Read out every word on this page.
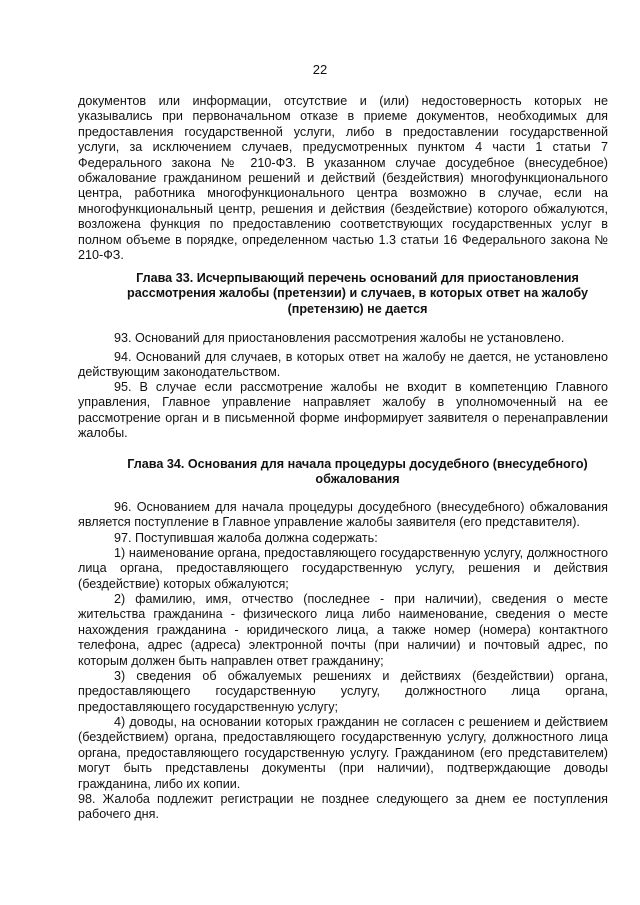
22

документов или информации, отсутствие и (или) недостоверность которых не указывались при первоначальном отказе в приеме документов, необходимых для предоставления государственной услуги, либо в предоставлении государственной услуги, за исключением случаев, предусмотренных пунктом 4 части 1 статьи 7 Федерального закона № 210-ФЗ. В указанном случае досудебное (внесудебное) обжалование гражданином решений и действий (бездействия) многофункционального центра, работника многофункционального центра возможно в случае, если на многофункциональный центр, решения и действия (бездействие) которого обжалуются, возложена функция по предоставлению соответствующих государственных услуг в полном объеме в порядке, определенном частью 1.3 статьи 16 Федерального закона № 210-ФЗ.

Глава 33. Исчерпывающий перечень оснований для приостановления рассмотрения жалобы (претензии) и случаев, в которых ответ на жалобу (претензию) не дается

93. Оснований для приостановления рассмотрения жалобы не установлено.

94. Оснований для случаев, в которых ответ на жалобу не дается, не установлено действующим законодательством.

95. В случае если рассмотрение жалобы не входит в компетенцию Главного управления, Главное управление направляет жалобу в уполномоченный на ее рассмотрение орган и в письменной форме информирует заявителя о перенаправлении жалобы.

Глава 34. Основания для начала процедуры досудебного (внесудебного) обжалования

96. Основанием для начала процедуры досудебного (внесудебного) обжалования является поступление в Главное управление жалобы заявителя (его представителя).

97. Поступившая жалоба должна содержать:

1) наименование органа, предоставляющего государственную услугу, должностного лица органа, предоставляющего государственную услугу, решения и действия (бездействие) которых обжалуются;

2) фамилию, имя, отчество (последнее - при наличии), сведения о месте жительства гражданина - физического лица либо наименование, сведения о месте нахождения гражданина - юридического лица, а также номер (номера) контактного телефона, адрес (адреса) электронной почты (при наличии) и почтовый адрес, по которым должен быть направлен ответ гражданину;

3) сведения об обжалуемых решениях и действиях (бездействии) органа, предоставляющего государственную услугу, должностного лица органа, предоставляющего государственную услугу;

4) доводы, на основании которых гражданин не согласен с решением и действием (бездействием) органа, предоставляющего государственную услугу, должностного лица органа, предоставляющего государственную услугу. Гражданином (его представителем) могут быть представлены документы (при наличии), подтверждающие доводы гражданина, либо их копии.

98. Жалоба подлежит регистрации не позднее следующего за днем ее поступления рабочего дня.
